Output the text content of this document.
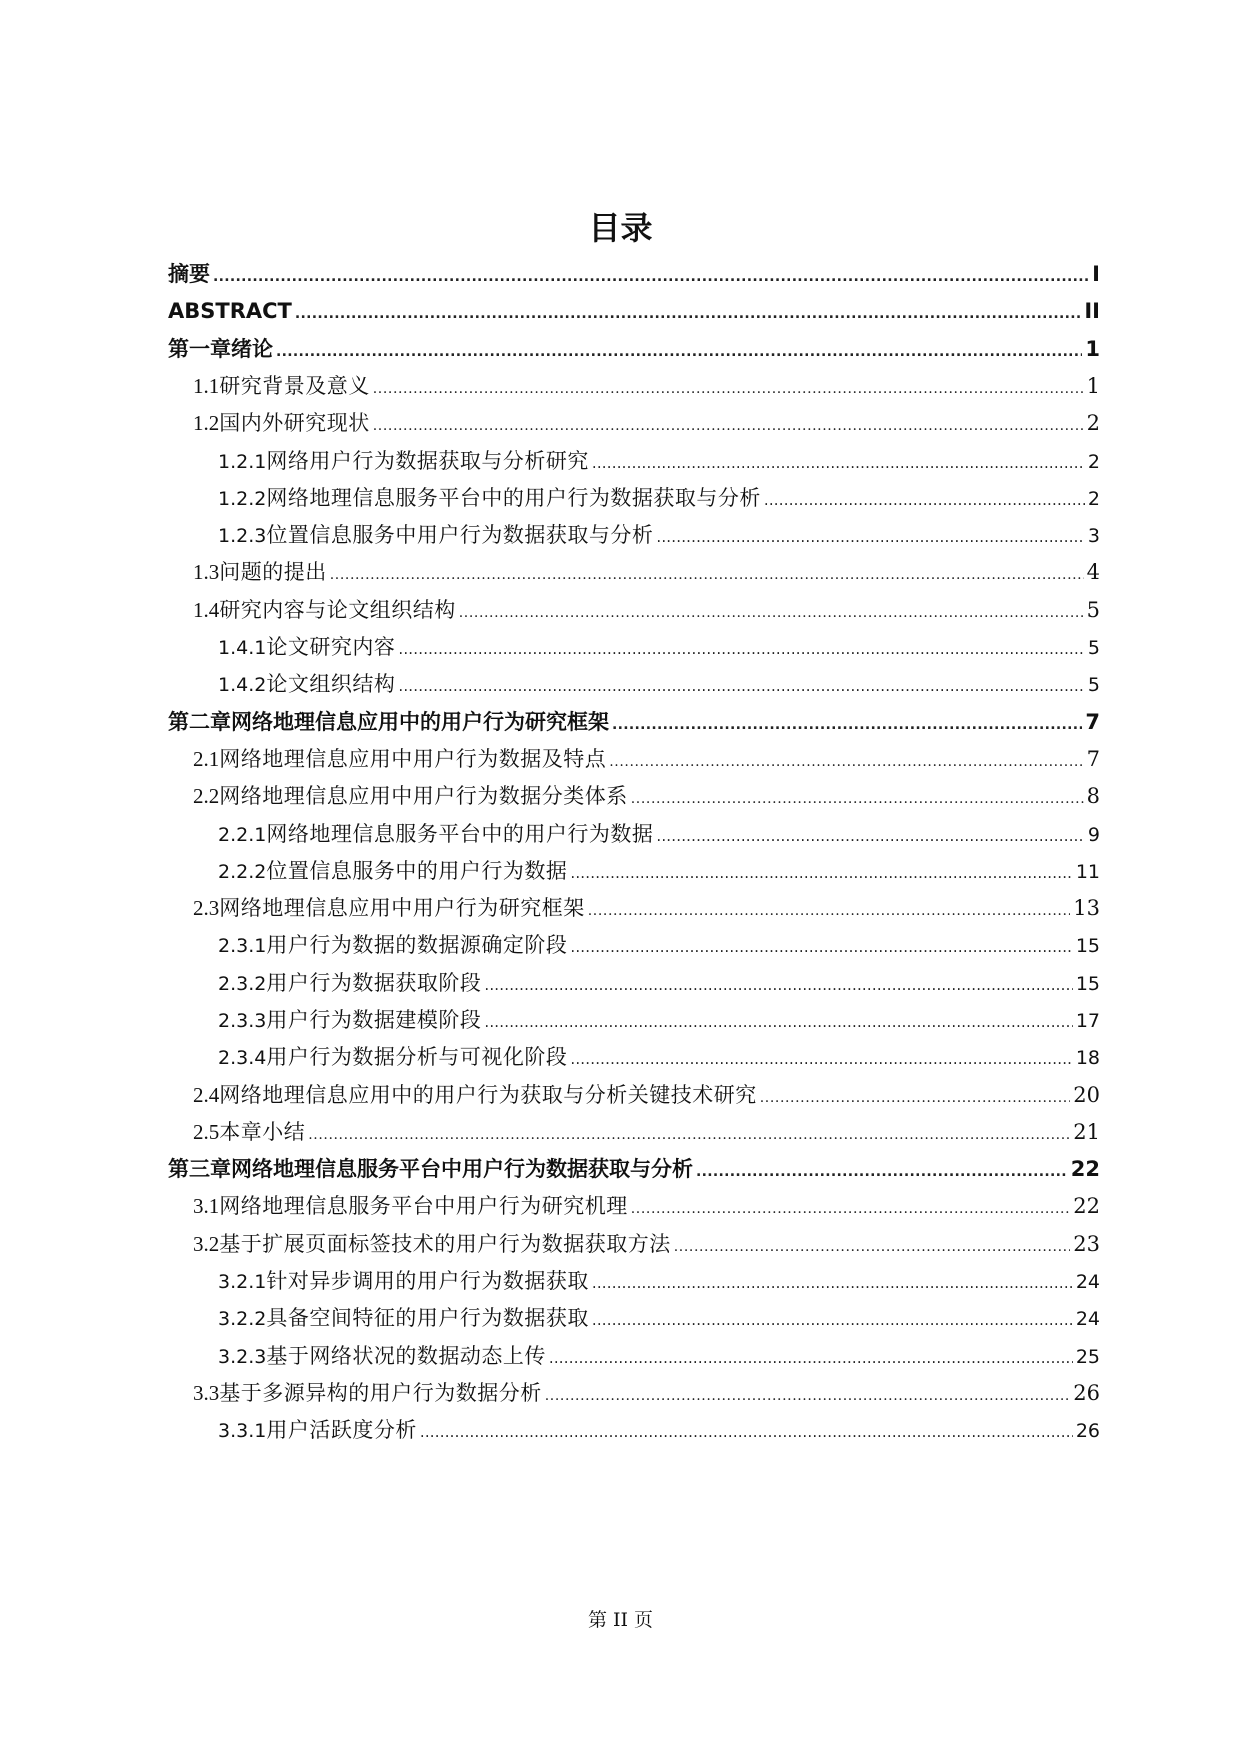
目录
摘要 .....	I
ABSTRACT .....	II
第一章绪论 .....	1
1.1 研究背景及意义 .....	1
1.2 国内外研究现状 .....	2
1.2.1 网络用户行为数据获取与分析研究 .....	2
1.2.2 网络地理信息服务平台中的用户行为数据获取与分析 .....	2
1.2.3 位置信息服务中用户行为数据获取与分析 .....	3
1.3 问题的提出 .....	4
1.4 研究内容与论文组织结构 .....	5
1.4.1 论文研究内容 .....	5
1.4.2 论文组织结构 .....	5
第二章网络地理信息应用中的用户行为研究框架 .....	7
2.1 网络地理信息应用中用户行为数据及特点 .....	7
2.2 网络地理信息应用中用户行为数据分类体系 .....	8
2.2.1 网络地理信息服务平台中的用户行为数据 .....	9
2.2.2 位置信息服务中的用户行为数据 .....	11
2.3 网络地理信息应用中用户行为研究框架 .....	13
2.3.1 用户行为数据的数据源确定阶段 .....	15
2.3.2 用户行为数据获取阶段 .....	15
2.3.3 用户行为数据建模阶段 .....	17
2.3.4 用户行为数据分析与可视化阶段 .....	18
2.4 网络地理信息应用中的用户行为获取与分析关键技术研究 .....	20
2.5 本章小结 .....	21
第三章网络地理信息服务平台中用户行为数据获取与分析 .....	22
3.1 网络地理信息服务平台中用户行为研究机理 .....	22
3.2 基于扩展页面标签技术的用户行为数据获取方法 .....	23
3.2.1 针对异步调用的用户行为数据获取 .....	24
3.2.2 具备空间特征的用户行为数据获取 .....	24
3.2.3 基于网络状况的数据动态上传 .....	25
3.3 基于多源异构的用户行为数据分析 .....	26
3.3.1 用户活跃度分析 .....	26
第 II 页
